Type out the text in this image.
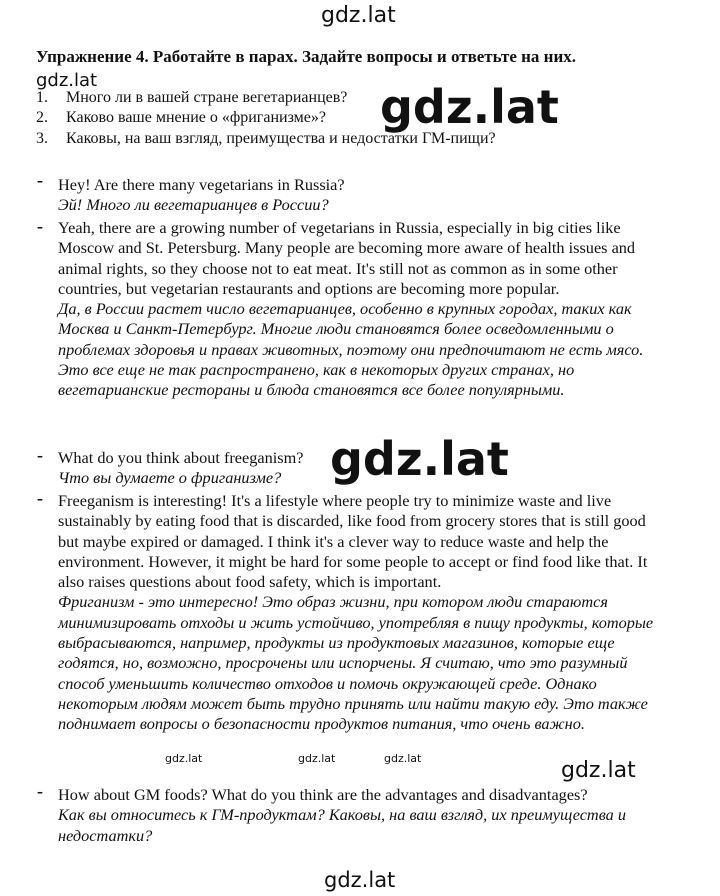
gdz.lat
Упражнение 4. Работайте в парах. Задайте вопросы и ответьте на них.
gdz.lat
1. Много ли в вашей стране вегетарианцев?
2. Каково ваше мнение о «фриганизме»?
3. Каковы, на ваш взгляд, преимущества и недостатки ГМ-пищи?
gdz.lat
- Hey! Are there many vegetarians in Russia?
Эй! Много ли вегетарианцев в России?
- Yeah, there are a growing number of vegetarians in Russia, especially in big cities like Moscow and St. Petersburg. Many people are becoming more aware of health issues and animal rights, so they choose not to eat meat. It's still not as common as in some other countries, but vegetarian restaurants and options are becoming more popular.
Да, в России растет число вегетарианцев, особенно в крупных городах, таких как Москва и Санкт-Петербург. Многие люди становятся более осведомленными о проблемах здоровья и правах животных, поэтому они предпочитают не есть мясо. Это все еще не так распространено, как в некоторых других странах, но вегетарианские рестораны и блюда становятся все более популярными.
- What do you think about freeganism?
Что вы думаете о фриганизме?	gdz.lat
- Freeganism is interesting! It's a lifestyle where people try to minimize waste and live sustainably by eating food that is discarded, like food from grocery stores that is still good but maybe expired or damaged. I think it's a clever way to reduce waste and help the environment. However, it might be hard for some people to accept or find food like that. It also raises questions about food safety, which is important.
Фриганизм - это интересно! Это образ жизни, при котором люди стараются минимизировать отходы и жить устойчиво, употребляя в пищу продукты, которые выбрасываются, например, продукты из продуктовых магазинов, которые еще годятся, но, возможно, просрочены или испорчены. Я считаю, что это разумный способ уменьшить количество отходов и помочь окружающей среде. Однако некоторым людям может быть трудно принять или найти такую еду. Это также поднимает вопросы о безопасности продуктов питания, что очень важно.
gdz.lat	gdz.lat	gdz.lat	gdz.lat
- How about GM foods? What do you think are the advantages and disadvantages?
Как вы относитесь к ГМ-продуктам? Каковы, на ваш взгляд, их преимущества и недостатки?
gdz.lat
